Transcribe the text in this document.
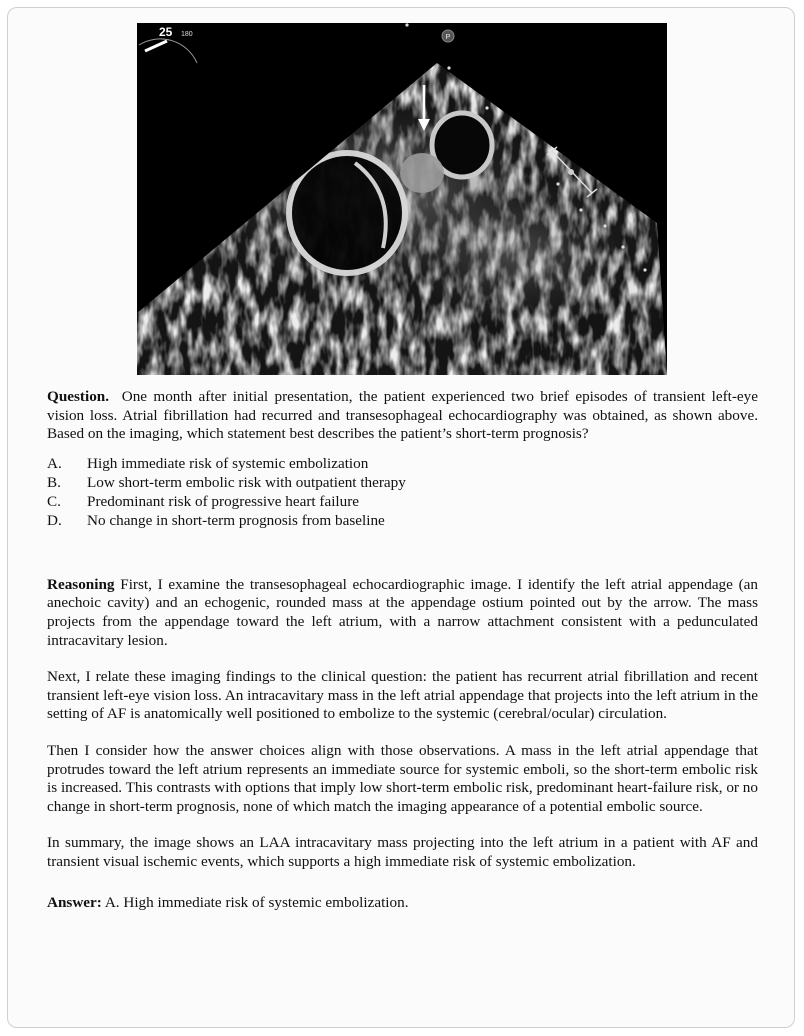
25 180	P

Question. One month after initial presentation, the patient experienced two brief episodes of transient left-eye vision loss. Atrial fibrillation had recurred and transesophageal echocardiography was obtained, as shown above. Based on the imaging, which statement best describes the patient’s short-term prognosis?

A.	High immediate risk of systemic embolization
B.	Low short-term embolic risk with outpatient therapy
C.	Predominant risk of progressive heart failure
D.	No change in short-term prognosis from baseline

Reasoning First, I examine the transesophageal echocardiographic image. I identify the left atrial appendage (an anechoic cavity) and an echogenic, rounded mass at the appendage ostium pointed out by the arrow. The mass projects from the appendage toward the left atrium, with a narrow attachment consistent with a pedunculated intracavitary lesion.

Next, I relate these imaging findings to the clinical question: the patient has recurrent atrial fibrillation and recent transient left-eye vision loss. An intracavitary mass in the left atrial appendage that projects into the left atrium in the setting of AF is anatomically well positioned to embolize to the systemic (cerebral/ocular) circulation.

Then I consider how the answer choices align with those observations. A mass in the left atrial appendage that protrudes toward the left atrium represents an immediate source for systemic emboli, so the short-term embolic risk is increased. This contrasts with options that imply low short-term embolic risk, predominant heart-failure risk, or no change in short-term prognosis, none of which match the imaging appearance of a potential embolic source.

In summary, the image shows an LAA intracavitary mass projecting into the left atrium in a patient with AF and transient visual ischemic events, which supports a high immediate risk of systemic embolization.

Answer: A. High immediate risk of systemic embolization.
